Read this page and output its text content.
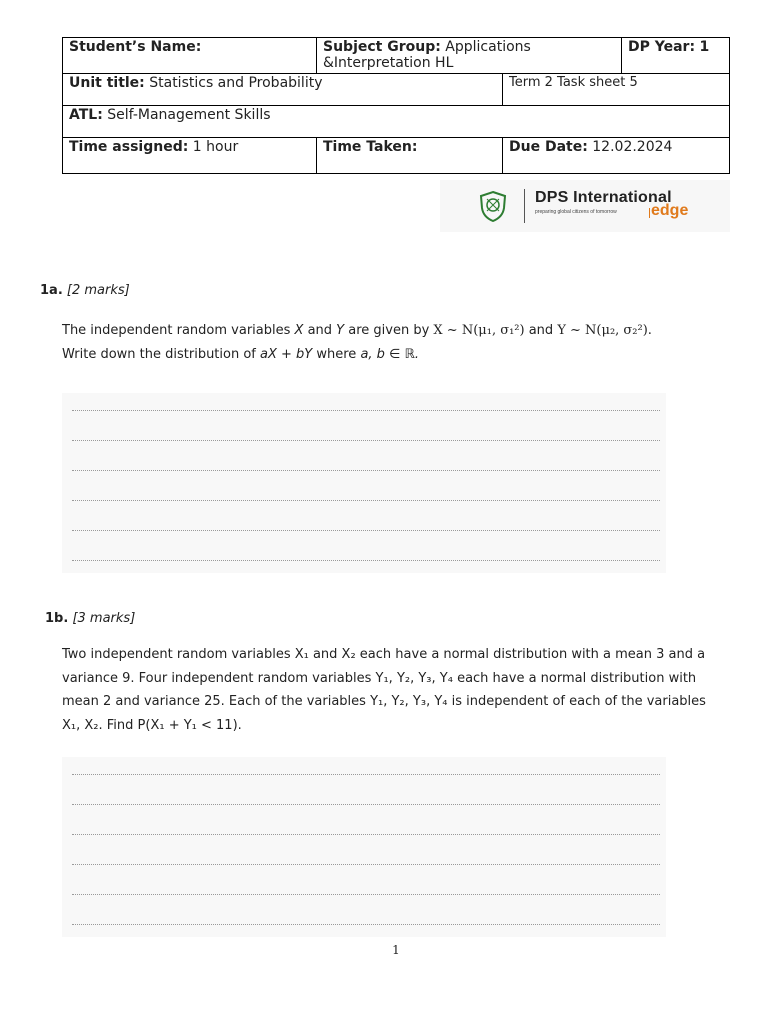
Student’s Name:	Subject Group: Applications &Interpretation HL		DP Year: 1
Unit title: Statistics and Probability		Term 2 Task sheet 5	
ATL: Self-Management Skills			
Time assigned: 1 hour	Time Taken:	Due Date: 12.02.2024	
DPS International
preparing global citizens of tomorrow edge
1a. [2 marks]
The independent random variables X and Y are given by X ~ N(μ₁, σ₁²) and Y ~ N(μ₂, σ₂²).
Write down the distribution of aX + bY where a, b ∈ ℝ.
1b. [3 marks]
Two independent random variables X₁ and X₂ each have a normal distribution with a mean 3 and a variance 9. Four independent random variables Y₁, Y₂, Y₃, Y₄ each have a normal distribution with mean 2 and variance 25. Each of the variables Y₁, Y₂, Y₃, Y₄ is independent of each of the variables X₁, X₂. Find P(X₁ + Y₁ < 11).
1
